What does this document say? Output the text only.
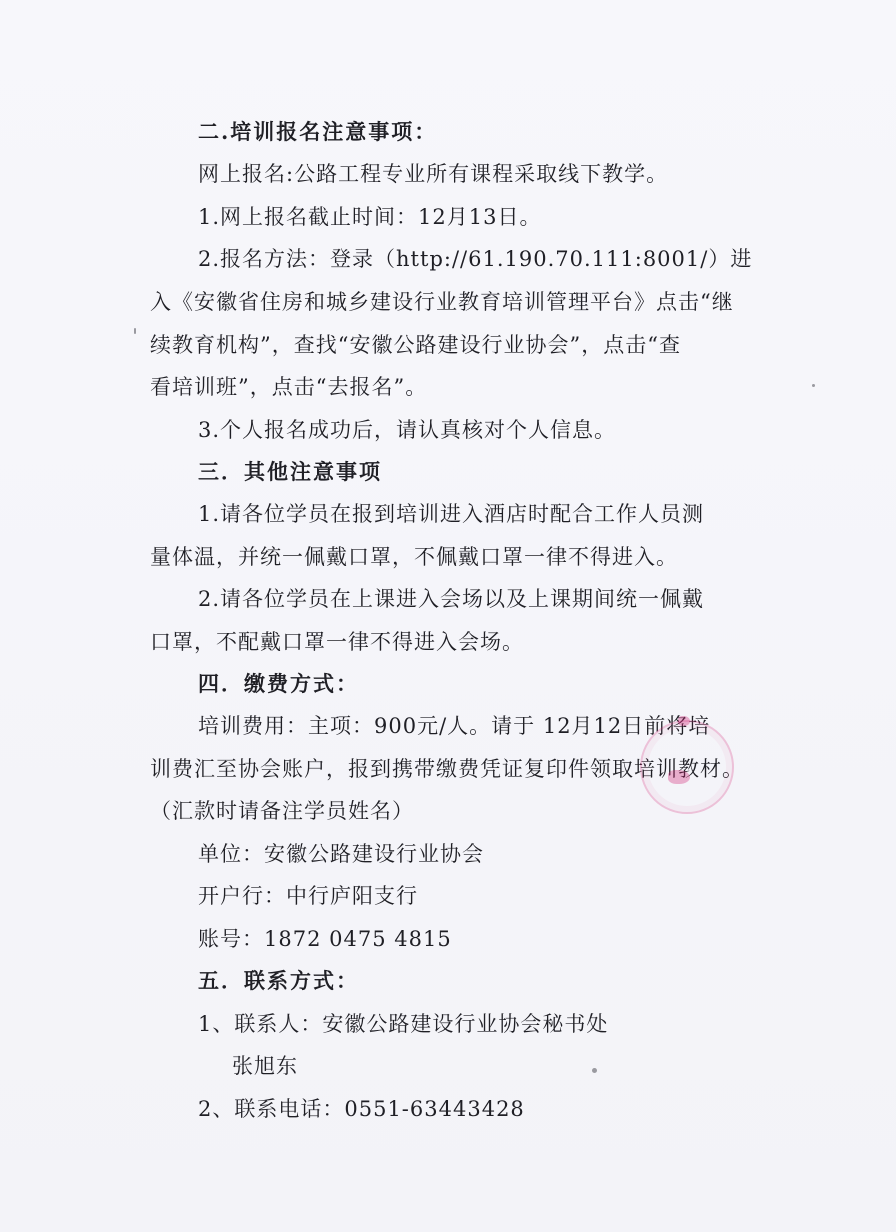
二.培训报名注意事项：
网上报名:公路工程专业所有课程采取线下教学。
1.网上报名截止时间：12月13日。
2.报名方法：登录（http://61.190.70.111:8001/）进
入《安徽省住房和城乡建设行业教育培训管理平台》点击“继
续教育机构”，查找“安徽公路建设行业协会”，点击“查
看培训班”，点击“去报名”。
3.个人报名成功后，请认真核对个人信息。
三．其他注意事项
1.请各位学员在报到培训进入酒店时配合工作人员测
量体温，并统一佩戴口罩，不佩戴口罩一律不得进入。
2.请各位学员在上课进入会场以及上课期间统一佩戴
口罩，不配戴口罩一律不得进入会场。
四．缴费方式：
培训费用：主项：900元/人。请于 12月12日前将培
训费汇至协会账户，报到携带缴费凭证复印件领取培训教材。
（汇款时请备注学员姓名）
单位：安徽公路建设行业协会
开户行：中行庐阳支行
账号：1872 0475 4815
五．联系方式：
1、联系人：安徽公路建设行业协会秘书处
张旭东
2、联系电话：0551-63443428
